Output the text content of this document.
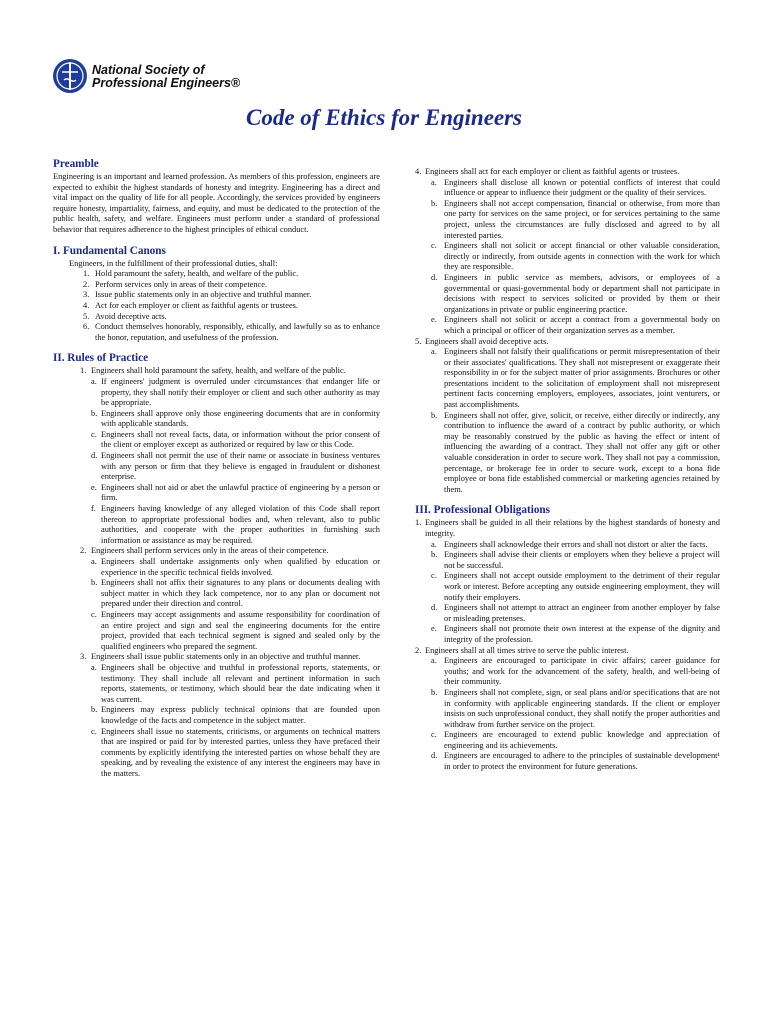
National Society of
Professional Engineers®
Code of Ethics for Engineers
Preamble

Engineering is an important and learned profession. As members of this profession, engineers are expected to exhibit the highest standards of honesty and integrity. Engineering has a direct and vital impact on the quality of life for all people. Accordingly, the services provided by engineers require honesty, impartiality, fairness, and equity, and must be dedicated to the protection of the public health, safety, and welfare. Engineers must perform under a standard of professional behavior that requires adherence to the highest principles of ethical conduct.

I. Fundamental Canons

Engineers, in the fulfillment of their professional duties, shall:

1. Hold paramount the safety, health, and welfare of the public.
2. Perform services only in areas of their competence.
3. Issue public statements only in an objective and truthful manner.
4. Act for each employer or client as faithful agents or trustees.
5. Avoid deceptive acts.
6. Conduct themselves honorably, responsibly, ethically, and lawfully so as to enhance the honor, reputation, and usefulness of the profession.
II. Rules of Practice
1. Engineers shall hold paramount the safety, health, and welfare of the public.
a. If engineers' judgment is overruled under circumstances that endanger life or property, they shall notify their employer or client and such other authority as may be appropriate.
b. Engineers shall approve only those engineering documents that are in conformity with applicable standards.
c. Engineers shall not reveal facts, data, or information without the prior consent of the client or employer except as authorized or required by law or this Code.
d. Engineers shall not permit the use of their name or associate in business ventures with any person or firm that they believe is engaged in fraudulent or dishonest enterprise.
e. Engineers shall not aid or abet the unlawful practice of engineering by a person or firm.
f. Engineers having knowledge of any alleged violation of this Code shall report thereon to appropriate professional bodies and, when relevant, also to public authorities, and cooperate with the proper authorities in furnishing such information or assistance as may be required.
2. Engineers shall perform services only in the areas of their competence.
a. Engineers shall undertake assignments only when qualified by education or experience in the specific technical fields involved.
b. Engineers shall not affix their signatures to any plans or documents dealing with subject matter in which they lack competence, nor to any plan or document not prepared under their direction and control.
c. Engineers may accept assignments and assume responsibility for coordination of an entire project and sign and seal the engineering documents for the entire project, provided that each technical segment is signed and sealed only by the qualified engineers who prepared the segment.
3. Engineers shall issue public statements only in an objective and truthful manner.
a. Engineers shall be objective and truthful in professional reports, statements, or testimony. They shall include all relevant and pertinent information in such reports, statements, or testimony, which should bear the date indicating when it was current.
b. Engineers may express publicly technical opinions that are founded upon knowledge of the facts and competence in the subject matter.
c. Engineers shall issue no statements, criticisms, or arguments on technical matters that are inspired or paid for by interested parties, unless they have prefaced their comments by explicitly identifying the interested parties on whose behalf they are speaking, and by revealing the existence of any interest the engineers may have in the matters.
4. Engineers shall act for each employer or client as faithful agents or trustees.
a. Engineers shall disclose all known or potential conflicts of interest that could influence or appear to influence their judgment or the quality of their services.
b. Engineers shall not accept compensation, financial or otherwise, from more than one party for services on the same project, or for services pertaining to the same project, unless the circumstances are fully disclosed and agreed to by all interested parties.
c. Engineers shall not solicit or accept financial or other valuable consideration, directly or indirectly, from outside agents in connection with the work for which they are responsible.
d. Engineers in public service as members, advisors, or employees of a governmental or quasi-governmental body or department shall not participate in decisions with respect to services solicited or provided by them or their organizations in private or public engineering practice.
e. Engineers shall not solicit or accept a contract from a governmental body on which a principal or officer of their organization serves as a member.
5. Engineers shall avoid deceptive acts.
a. Engineers shall not falsify their qualifications or permit misrepresentation of their or their associates' qualifications. They shall not misrepresent or exaggerate their responsibility in or for the subject matter of prior assignments. Brochures or other presentations incident to the solicitation of employment shall not misrepresent pertinent facts concerning employers, employees, associates, joint venturers, or past accomplishments.
b. Engineers shall not offer, give, solicit, or receive, either directly or indirectly, any contribution to influence the award of a contract by public authority, or which may be reasonably construed by the public as having the effect or intent of influencing the awarding of a contract. They shall not offer any gift or other valuable consideration in order to secure work. They shall not pay a commission, percentage, or brokerage fee in order to secure work, except to a bona fide employee or bona fide established commercial or marketing agencies retained by them.
III. Professional Obligations
1. Engineers shall be guided in all their relations by the highest standards of honesty and integrity.
a. Engineers shall acknowledge their errors and shall not distort or alter the facts.
b. Engineers shall advise their clients or employers when they believe a project will not be successful.
c. Engineers shall not accept outside employment to the detriment of their regular work or interest. Before accepting any outside engineering employment, they will notify their employers.
d. Engineers shall not attempt to attract an engineer from another employer by false or misleading pretenses.
e. Engineers shall not promote their own interest at the expense of the dignity and integrity of the profession.
2. Engineers shall at all times strive to serve the public interest.
a. Engineers are encouraged to participate in civic affairs; career guidance for youths; and work for the advancement of the safety, health, and well-being of their community.
b. Engineers shall not complete, sign, or seal plans and/or specifications that are not in conformity with applicable engineering standards. If the client or employer insists on such unprofessional conduct, they shall notify the proper authorities and withdraw from further service on the project.
c. Engineers are encouraged to extend public knowledge and appreciation of engineering and its achievements.
d. Engineers are encouraged to adhere to the principles of sustainable development¹ in order to protect the environment for future generations.
